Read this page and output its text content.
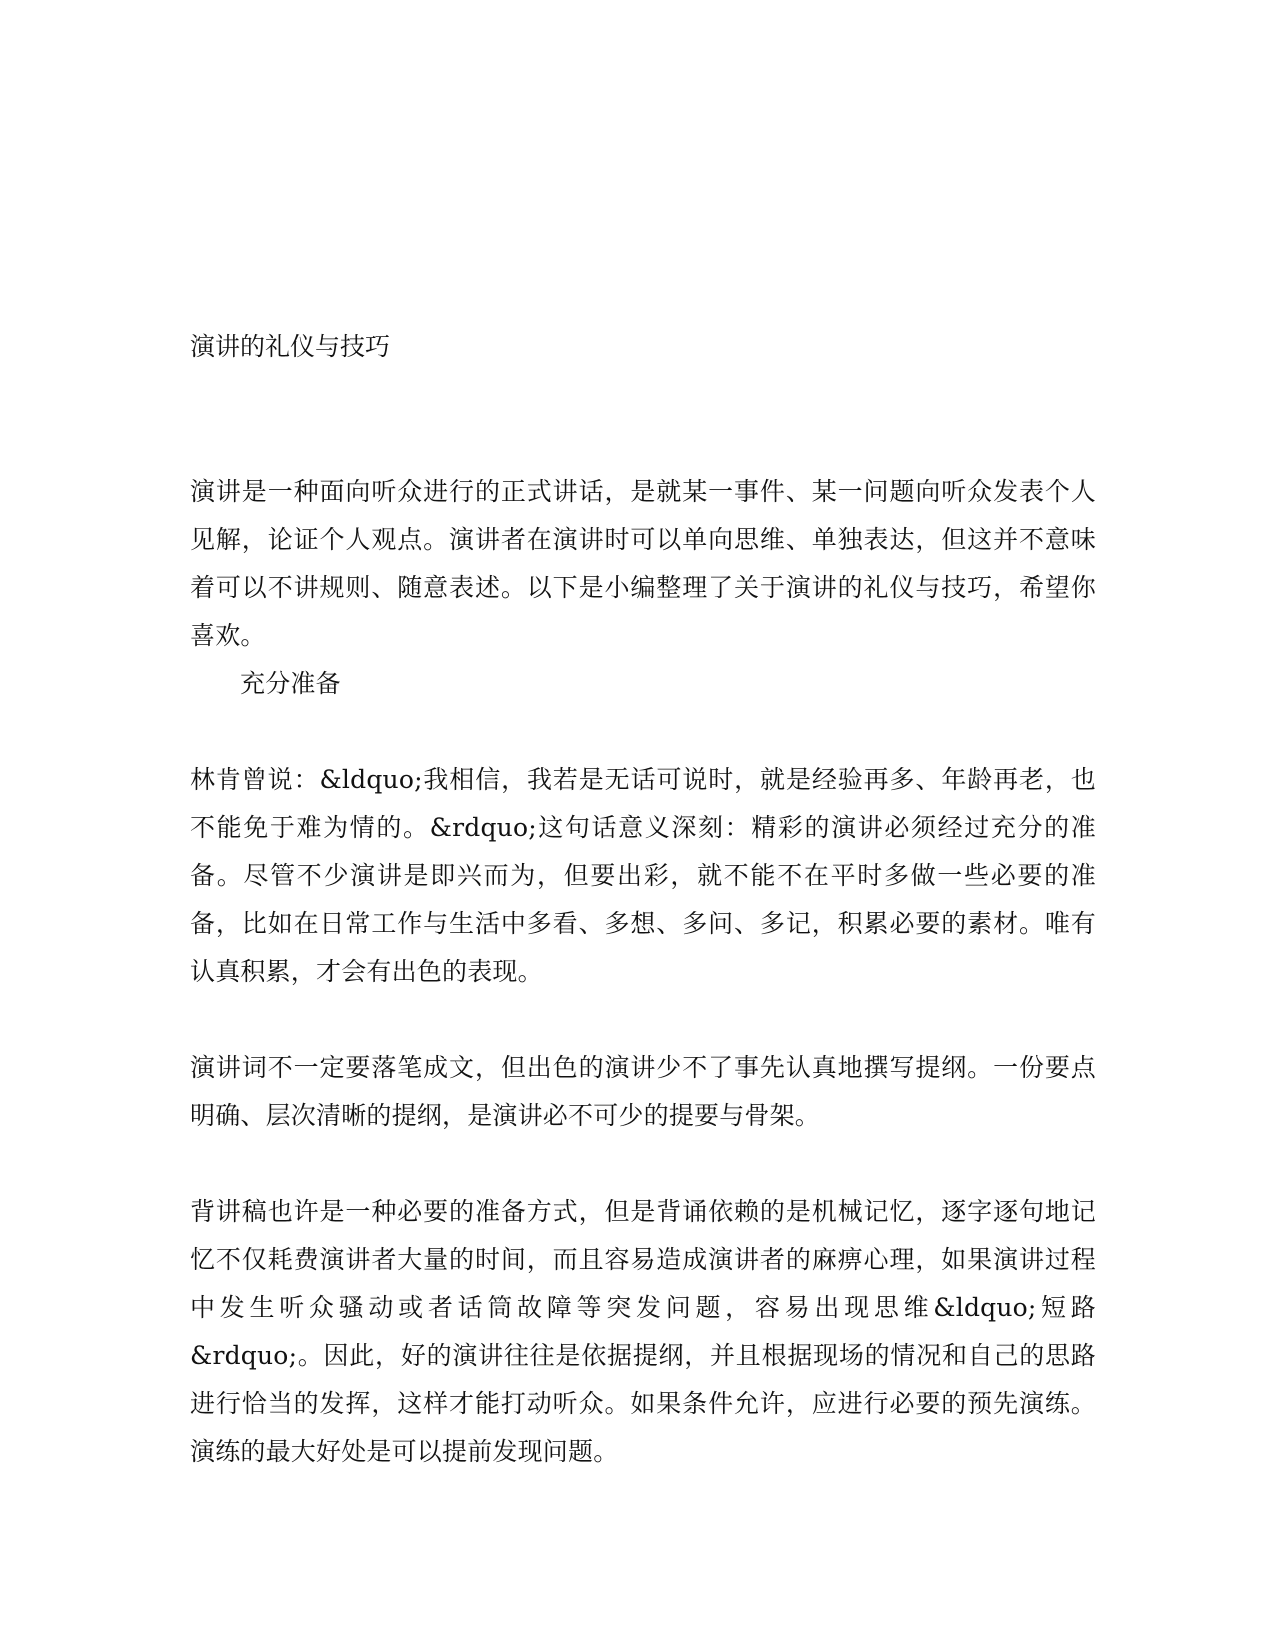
演讲的礼仪与技巧

演讲是一种面向听众进行的正式讲话，是就某一事件、某一问题向听众发表个人见解，论证个人观点。演讲者在演讲时可以单向思维、单独表达，但这并不意味着可以不讲规则、随意表述。以下是小编整理了关于演讲的礼仪与技巧，希望你喜欢。

充分准备

林肯曾说：&ldquo;我相信，我若是无话可说时，就是经验再多、年龄再老，也不能免于难为情的。&rdquo;这句话意义深刻：精彩的演讲必须经过充分的准备。尽管不少演讲是即兴而为，但要出彩，就不能不在平时多做一些必要的准备，比如在日常工作与生活中多看、多想、多问、多记，积累必要的素材。唯有认真积累，才会有出色的表现。

演讲词不一定要落笔成文，但出色的演讲少不了事先认真地撰写提纲。一份要点明确、层次清晰的提纲，是演讲必不可少的提要与骨架。

背讲稿也许是一种必要的准备方式，但是背诵依赖的是机械记忆，逐字逐句地记忆不仅耗费演讲者大量的时间，而且容易造成演讲者的麻痹心理，如果演讲过程中发生听众骚动或者话筒故障等突发问题，容易出现思维&ldquo;短路&rdquo;。因此，好的演讲往往是依据提纲，并且根据现场的情况和自己的思路进行恰当的发挥，这样才能打动听众。如果条件允许，应进行必要的预先演练。演练的最大好处是可以提前发现问题。
